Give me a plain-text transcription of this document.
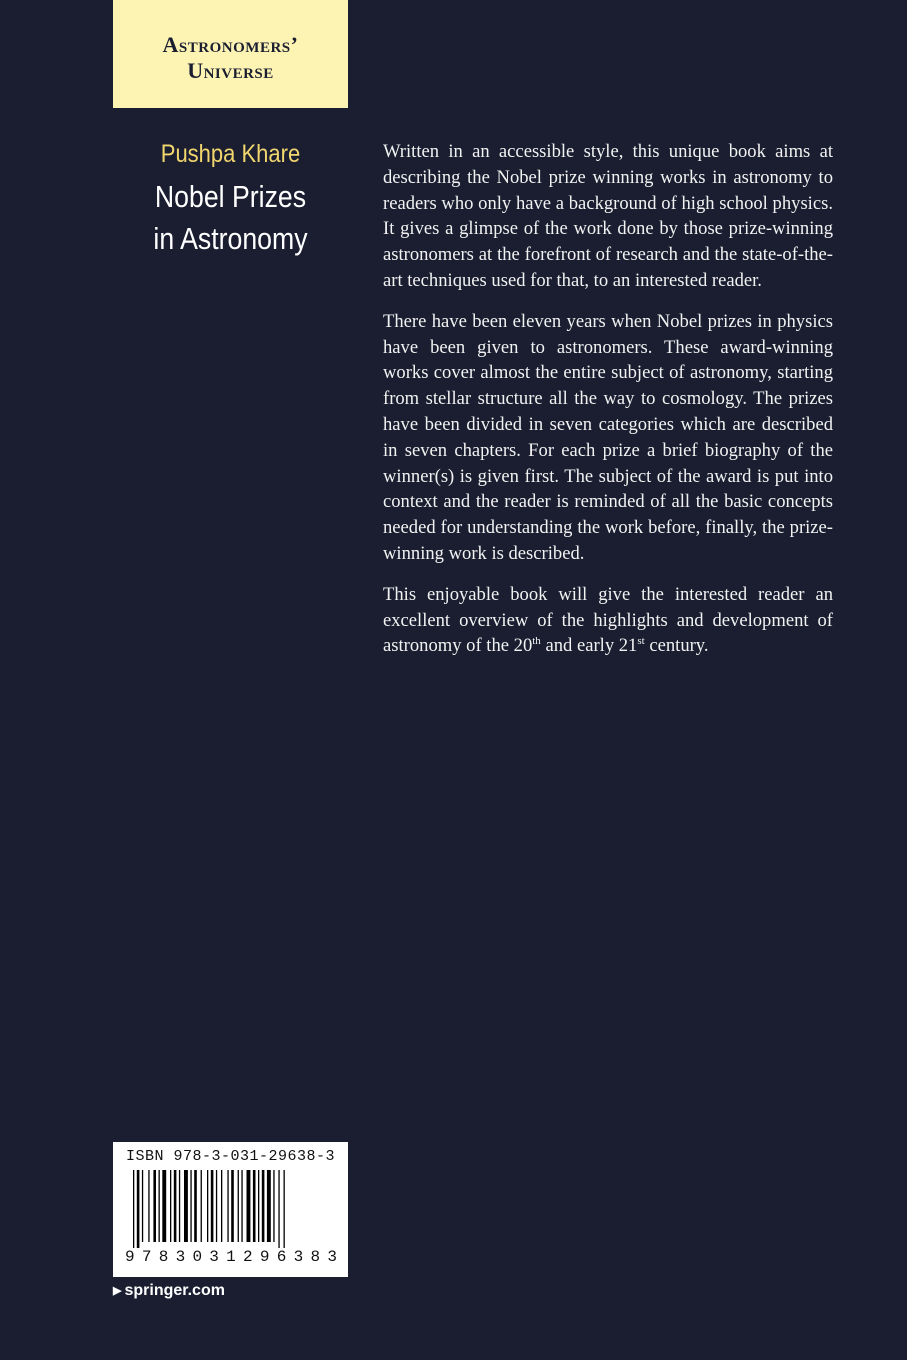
Astronomers’
Universe
Pushpa Khare
Nobel Prizes
in Astronomy

Written in an accessible style, this unique book aims at describing the Nobel prize winning works in astronomy to readers who only have a background of high school physics. It gives a glimpse of the work done by those prize-winning astronomers at the forefront of research and the state-of-the-art techniques used for that, to an interested reader.

There have been eleven years when Nobel prizes in physics have been given to astronomers. These award-winning works cover almost the entire subject of astronomy, starting from stellar structure all the way to cosmology. The prizes have been divided in seven categories which are described in seven chapters. For each prize a brief biography of the winner(s) is given first. The subject of the award is put into context and the reader is reminded of all the basic concepts needed for understanding the work before, finally, the prize-winning work is described.

This enjoyable book will give the interested reader an excellent overview of the highlights and development of astronomy of the 20th and early 21st century.

ISBN 978-3-031-29638-3
9 7 8 3 0 3 1 2 9 6 3 8 3
▶ springer.com
